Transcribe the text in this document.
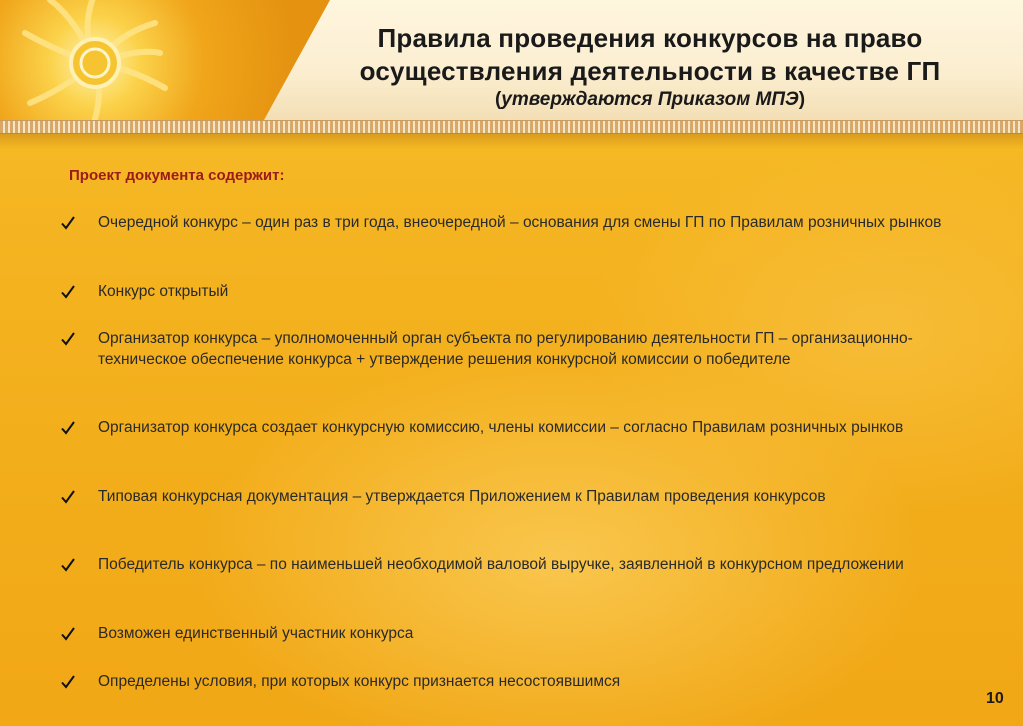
Правила проведения конкурсов на право
осуществления деятельности в качестве ГП
(утверждаются Приказом МПЭ)
Проект документа содержит:
Очередной конкурс – один раз в три года, внеочередной – основания для смены ГП по Правилам розничных рынков
Конкурс открытый
Организатор конкурса – уполномоченный орган субъекта по регулированию деятельности ГП – организационно-техническое обеспечение конкурса + утверждение решения конкурсной комиссии о победителе
Организатор конкурса создает конкурсную комиссию, члены комиссии – согласно Правилам розничных рынков
Типовая конкурсная документация – утверждается Приложением к Правилам проведения конкурсов
Победитель конкурса – по наименьшей необходимой валовой выручке, заявленной в конкурсном предложении
Возможен единственный участник конкурса
Определены условия, при которых конкурс признается несостоявшимся
10
